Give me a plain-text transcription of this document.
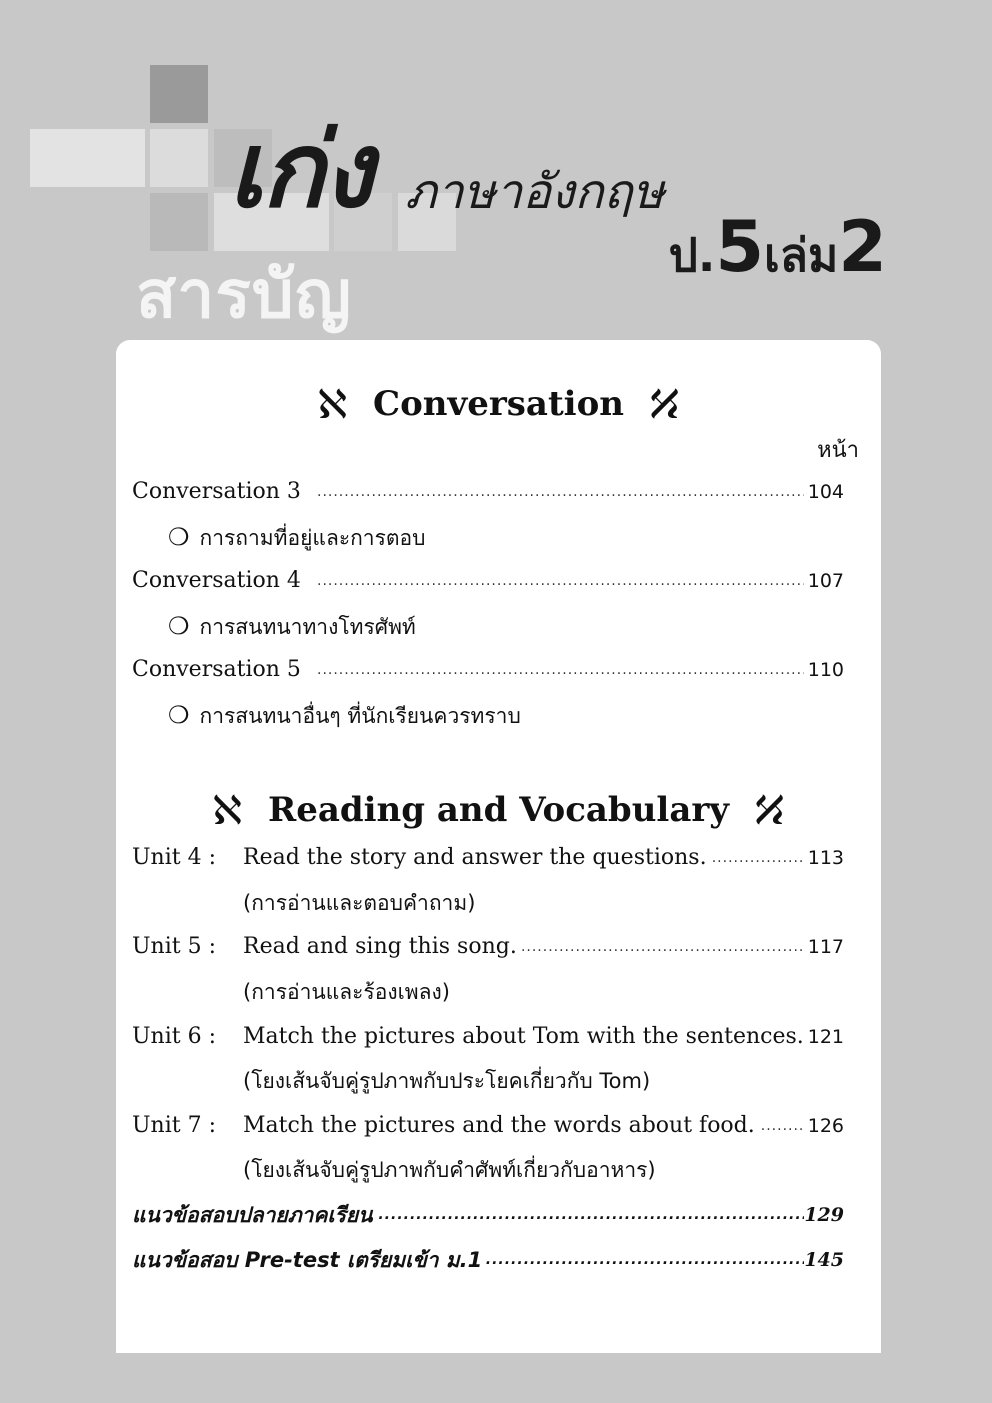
เก่ง ภาษาอังกฤษ
ป.5เล่ม2
สารบัญ
ℵ Conversation ℵ
หน้า
Conversation 3 .....	104
❍ การถามที่อยู่และการตอบ
Conversation 4 .....	107
❍ การสนทนาทางโทรศัพท์
Conversation 5 .....	110
❍ การสนทนาอื่นๆ ที่นักเรียนควรทราบ
ℵ Reading and Vocabulary ℵ
Unit 4 : ..... Read the story and answer the questions.	113
(การอ่านและตอบคำถาม)
Unit 5 : ..... Read and sing this song.	117
(การอ่านและร้องเพลง)
Unit 6 : ..... Match the pictures about Tom with the sentences. 121
(โยงเส้นจับคู่รูปภาพกับประโยคเกี่ยวกับ Tom)
Unit 7 : ..... Match the pictures and the words about food.	126
(โยงเส้นจับคู่รูปภาพกับคำศัพท์เกี่ยวกับอาหาร)
.....
แนวข้อสอบปลายภาคเรียน	129
.....
แนวข้อสอบ Pre-test เตรียมเข้า ม.1	145
